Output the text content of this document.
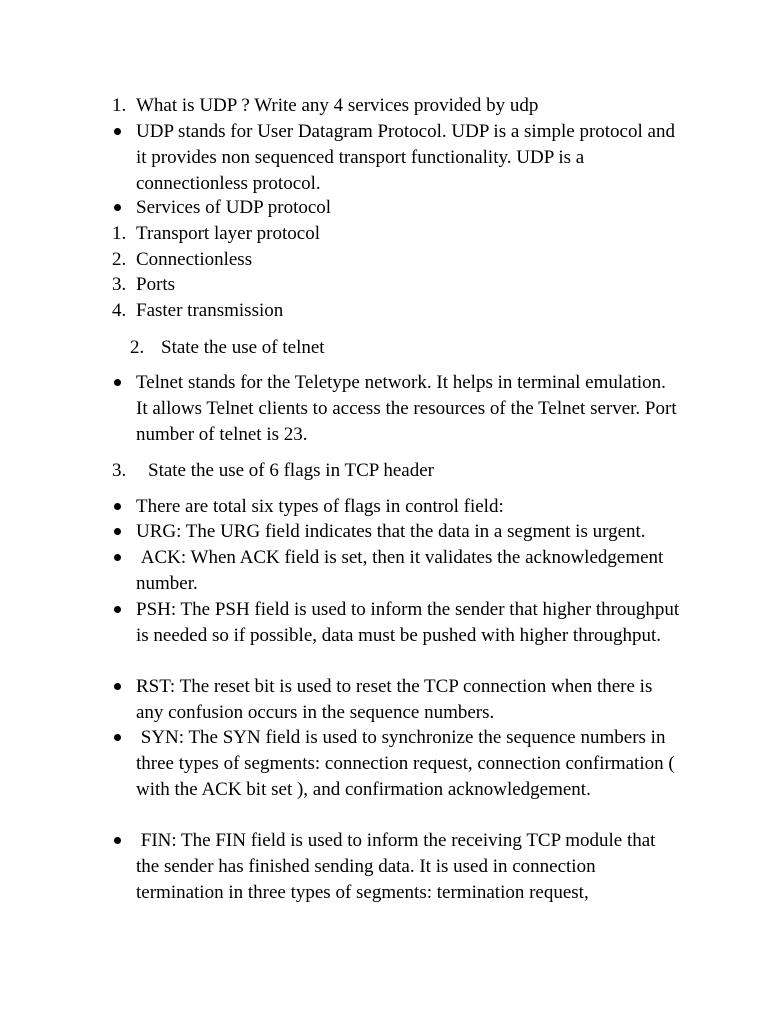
1. What is UDP ? Write any 4 services provided by udp
UDP stands for User Datagram Protocol. UDP is a simple protocol and it provides non sequenced transport functionality. UDP is a connectionless protocol.
Services of UDP protocol
1. Transport layer protocol
2. Connectionless
3. Ports
4. Faster transmission
2. State the use of telnet
Telnet stands for the Teletype network. It helps in terminal emulation. It allows Telnet clients to access the resources of the Telnet server. Port number of telnet is 23.
3. State the use of 6 flags in TCP header
There are total six types of flags in control field:
URG: The URG field indicates that the data in a segment is urgent.
ACK: When ACK field is set, then it validates the acknowledgement number.
PSH: The PSH field is used to inform the sender that higher throughput is needed so if possible, data must be pushed with higher throughput.
RST: The reset bit is used to reset the TCP connection when there is any confusion occurs in the sequence numbers.
SYN: The SYN field is used to synchronize the sequence numbers in three types of segments: connection request, connection confirmation ( with the ACK bit set ), and confirmation acknowledgement.
FIN: The FIN field is used to inform the receiving TCP module that the sender has finished sending data. It is used in connection termination in three types of segments: termination request,
